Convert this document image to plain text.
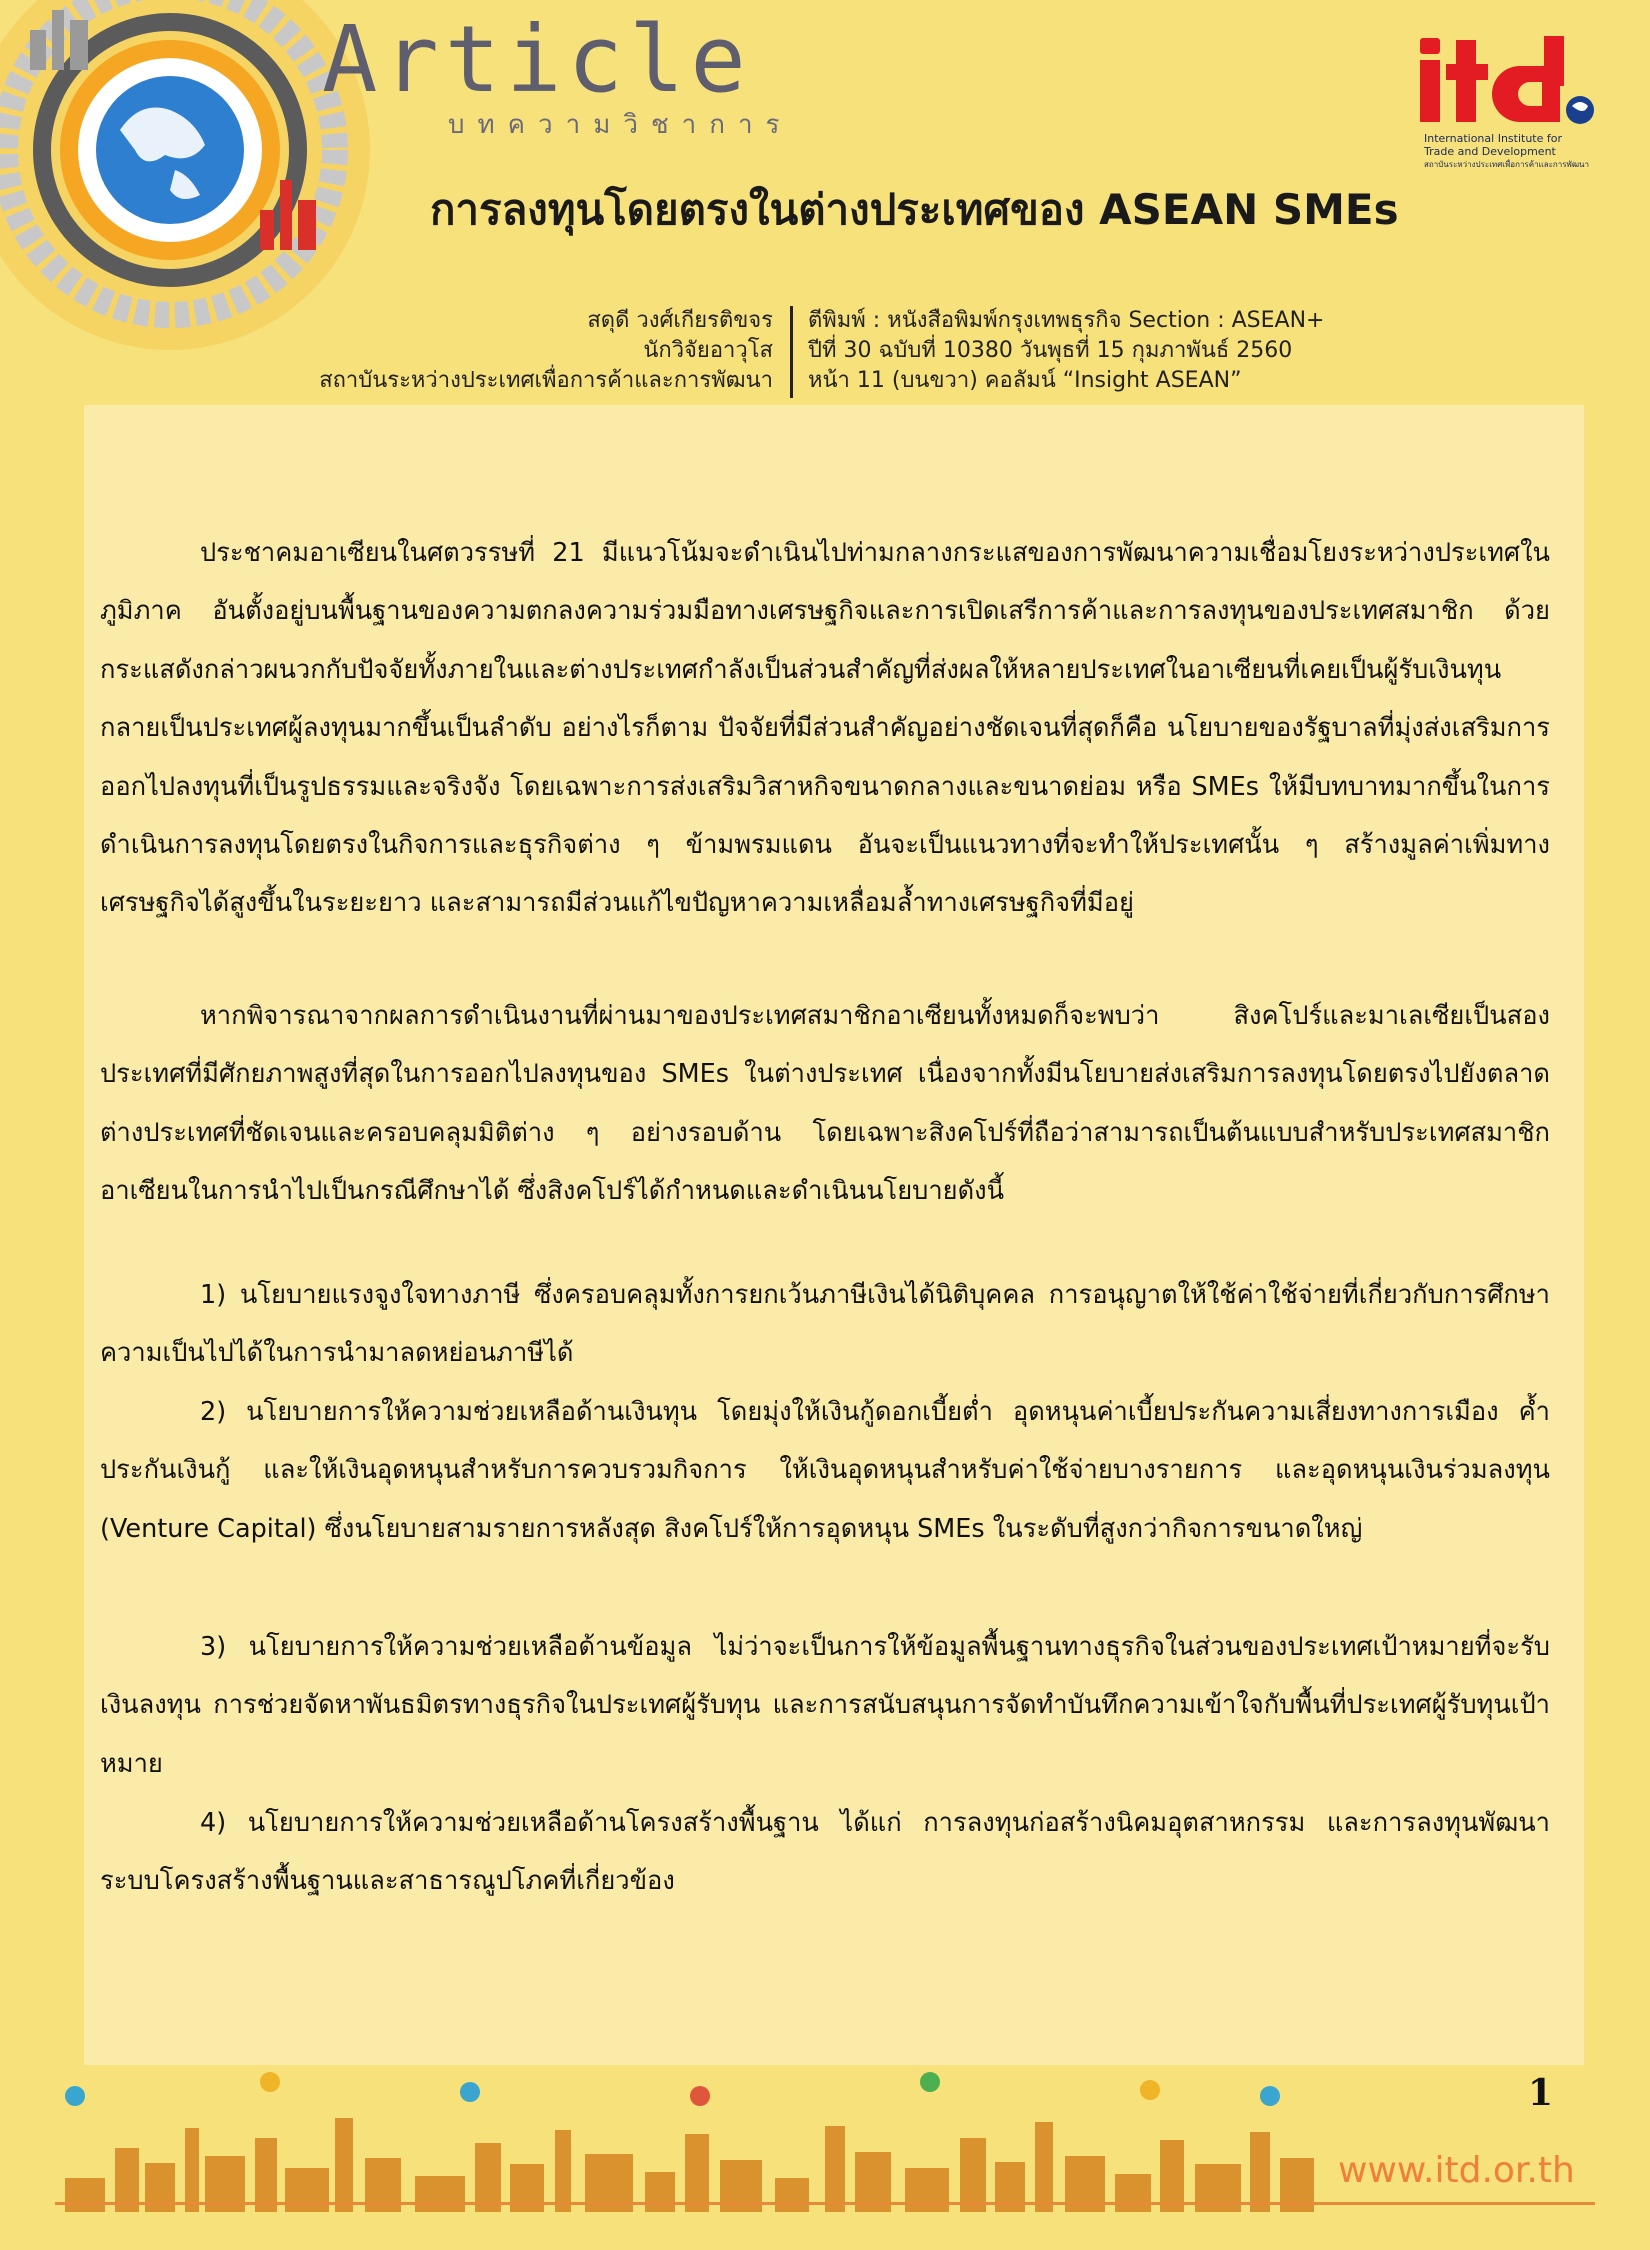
Article
บทความวิชาการ	International Institute for
Trade and Development
สถาบันระหว่างประเทศเพื่อการค้าและการพัฒนา
การลงทุนโดยตรงในต่างประเทศของ ASEAN SMEs
สดุดี วงศ์เกียรติขจร
นักวิจัยอาวุโส
สถาบันระหว่างประเทศเพื่อการค้าและการพัฒนา
ตีพิมพ์ : หนังสือพิมพ์กรุงเทพธุรกิจ Section : ASEAN+
ปีที่ 30 ฉบับที่ 10380 วันพุธที่ 15 กุมภาพันธ์ 2560
หน้า 11 (บนขวา) คอลัมน์ “Insight ASEAN”
ประชาคมอาเซียนในศตวรรษที่ 21 มีแนวโน้มจะดำเนินไปท่ามกลางกระแสของการพัฒนาความเชื่อมโยงระหว่างประเทศในภูมิภาค อันตั้งอยู่บนพื้นฐานของความตกลงความร่วมมือทางเศรษฐกิจและการเปิดเสรีการค้าและการลงทุนของประเทศสมาชิก ด้วยกระแสดังกล่าวผนวกกับปัจจัยทั้งภายในและต่างประเทศกำลังเป็นส่วนสำคัญที่ส่งผลให้หลายประเทศในอาเซียนที่เคยเป็นผู้รับเงินทุน กลายเป็นประเทศผู้ลงทุนมากขึ้นเป็นลำดับ อย่างไรก็ตาม ปัจจัยที่มีส่วนสำคัญอย่างชัดเจนที่สุดก็คือ นโยบายของรัฐบาลที่มุ่งส่งเสริมการออกไปลงทุนที่เป็นรูปธรรมและจริงจัง โดยเฉพาะการส่งเสริมวิสาหกิจขนาดกลางและขนาดย่อม หรือ SMEs ให้มีบทบาทมากขึ้นในการดำเนินการลงทุนโดยตรงในกิจการและธุรกิจต่าง ๆ ข้ามพรมแดน อันจะเป็นแนวทางที่จะทำให้ประเทศนั้น ๆ สร้างมูลค่าเพิ่มทางเศรษฐกิจได้สูงขึ้นในระยะยาว และสามารถมีส่วนแก้ไขปัญหาความเหลื่อมล้ำทางเศรษฐกิจที่มีอยู่
หากพิจารณาจากผลการดำเนินงานที่ผ่านมาของประเทศสมาชิกอาเซียนทั้งหมดก็จะพบว่า สิงคโปร์และมาเลเซียเป็นสองประเทศที่มีศักยภาพสูงที่สุดในการออกไปลงทุนของ SMEs ในต่างประเทศ เนื่องจากทั้งมีนโยบายส่งเสริมการลงทุนโดยตรงไปยังตลาดต่างประเทศที่ชัดเจนและครอบคลุมมิติต่าง ๆ อย่างรอบด้าน โดยเฉพาะสิงคโปร์ที่ถือว่าสามารถเป็นต้นแบบสำหรับประเทศสมาชิกอาเซียนในการนำไปเป็นกรณีศึกษาได้ ซึ่งสิงคโปร์ได้กำหนดและดำเนินนโยบายดังนี้
1) นโยบายแรงจูงใจทางภาษี ซึ่งครอบคลุมทั้งการยกเว้นภาษีเงินได้นิติบุคคล การอนุญาตให้ใช้ค่าใช้จ่ายที่เกี่ยวกับการศึกษาความเป็นไปได้ในการนำมาลดหย่อนภาษีได้
2) นโยบายการให้ความช่วยเหลือด้านเงินทุน โดยมุ่งให้เงินกู้ดอกเบี้ยต่ำ อุดหนุนค่าเบี้ยประกันความเสี่ยงทางการเมือง ค้ำประกันเงินกู้ และให้เงินอุดหนุนสำหรับการควบรวมกิจการ ให้เงินอุดหนุนสำหรับค่าใช้จ่ายบางรายการ และอุดหนุนเงินร่วมลงทุน (Venture Capital) ซึ่งนโยบายสามรายการหลังสุด สิงคโปร์ให้การอุดหนุน SMEs ในระดับที่สูงกว่ากิจการขนาดใหญ่
3) นโยบายการให้ความช่วยเหลือด้านข้อมูล ไม่ว่าจะเป็นการให้ข้อมูลพื้นฐานทางธุรกิจในส่วนของประเทศเป้าหมายที่จะรับเงินลงทุน การช่วยจัดหาพันธมิตรทางธุรกิจในประเทศผู้รับทุน และการสนับสนุนการจัดทำบันทึกความเข้าใจกับพื้นที่ประเทศผู้รับทุนเป้าหมาย
4) นโยบายการให้ความช่วยเหลือด้านโครงสร้างพื้นฐาน ได้แก่ การลงทุนก่อสร้างนิคมอุตสาหกรรม และการลงทุนพัฒนาระบบโครงสร้างพื้นฐานและสาธารณูปโภคที่เกี่ยวข้อง
1
www.itd.or.th
